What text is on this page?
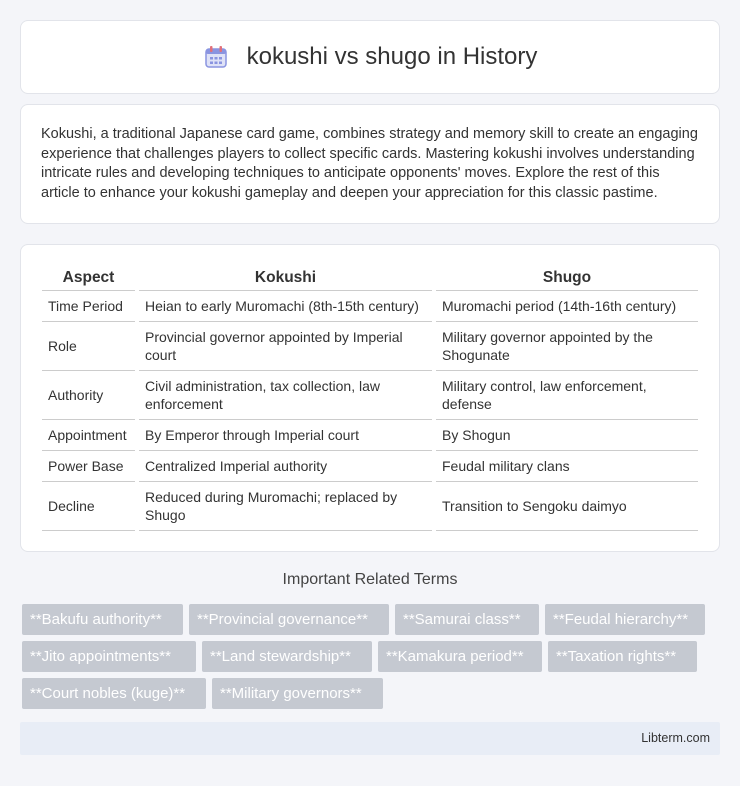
kokushi vs shugo in History

Kokushi, a traditional Japanese card game, combines strategy and memory skill to create an engaging experience that challenges players to collect specific cards. Mastering kokushi involves understanding intricate rules and developing techniques to anticipate opponents' moves. Explore the rest of this article to enhance your kokushi gameplay and deepen your appreciation for this classic pastime.

Aspect	Kokushi	Shugo
Time Period	Heian to early Muromachi (8th-15th century)	Muromachi period (14th-16th century)
Role	Provincial governor appointed by Imperial court	Military governor appointed by the Shogunate
Authority	Civil administration, tax collection, law enforcement	Military control, law enforcement, defense
Appointment	By Emperor through Imperial court	By Shogun
Power Base	Centralized Imperial authority	Feudal military clans
Decline	Reduced during Muromachi; replaced by Shugo	Transition to Sengoku daimyo
Important Related Terms
**Bakufu authority**	**Provincial governance**	**Samurai class**	**Feudal hierarchy**
**Jito appointments**	**Land stewardship**	**Kamakura period**	**Taxation rights**
**Court nobles (kuge)**	**Military governors**
Libterm.com
